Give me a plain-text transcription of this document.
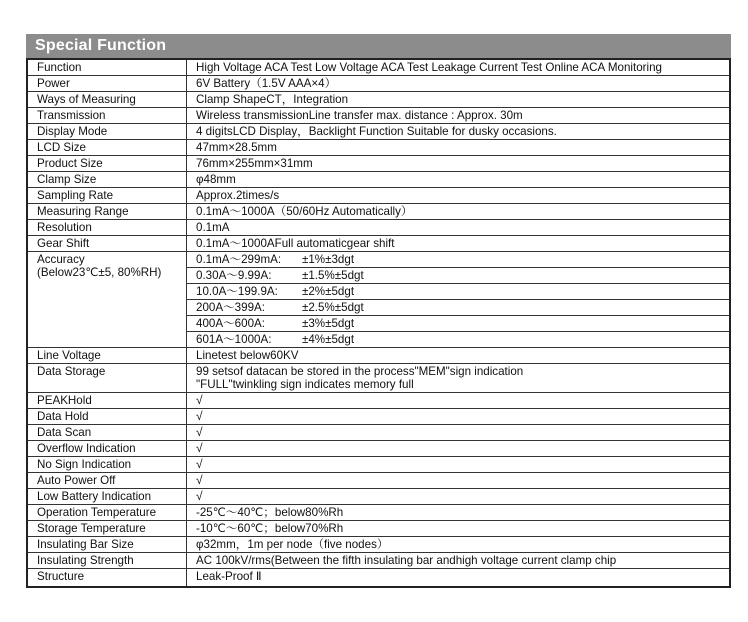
Special Function
Function	High Voltage ACA Test Low Voltage ACA Test Leakage Current Test Online ACA Monitoring
Power	6V Battery（1.5V AAA×4）
Ways of Measuring	Clamp ShapeCT，Integration
Transmission	Wireless transmissionLine transfer max. distance : Approx. 30m
Display Mode	4 digitsLCD Display，Backlight Function Suitable for dusky occasions.
LCD Size	47mm×28.5mm
Product Size	76mm×255mm×31mm
Clamp Size	φ48mm
Sampling Rate	Approx.2times/s
Measuring Range	0.1mA～1000A（50/60Hz Automatically）
Resolution	0.1mA
Gear Shift	0.1mA～1000AFull automaticgear shift

Accuracy
(Below23℃±5, 80%RH)	0.1mA～299mA: ±1%±3dgt
	0.30A～9.99A: ±1.5%±5dgt
	10.0A～199.9A: ±2%±5dgt
	200A～399A: ±2.5%±5dgt
	400A～600A: ±3%±5dgt
	601A～1000A: ±4%±5dgt
Line Voltage	Linetest below60KV
Data Storage	99 setsof datacan be stored in the process"MEM"sign indication
"FULL"twinkling sign indicates memory full

PEAKHold	√
Data Hold	√
Data Scan	√
Overflow Indication	√
No Sign Indication	√
Auto Power Off	√
Low Battery Indication	√
Operation Temperature	-25℃～40℃；below80%Rh
Storage Temperature	-10℃～60℃；below70%Rh
Insulating Bar Size	φ32mm，1m per node（five nodes）
Insulating Strength	AC 100kV/rms(Between the fifth insulating bar andhigh voltage current clamp chip
Structure	Leak-Proof Ⅱ
